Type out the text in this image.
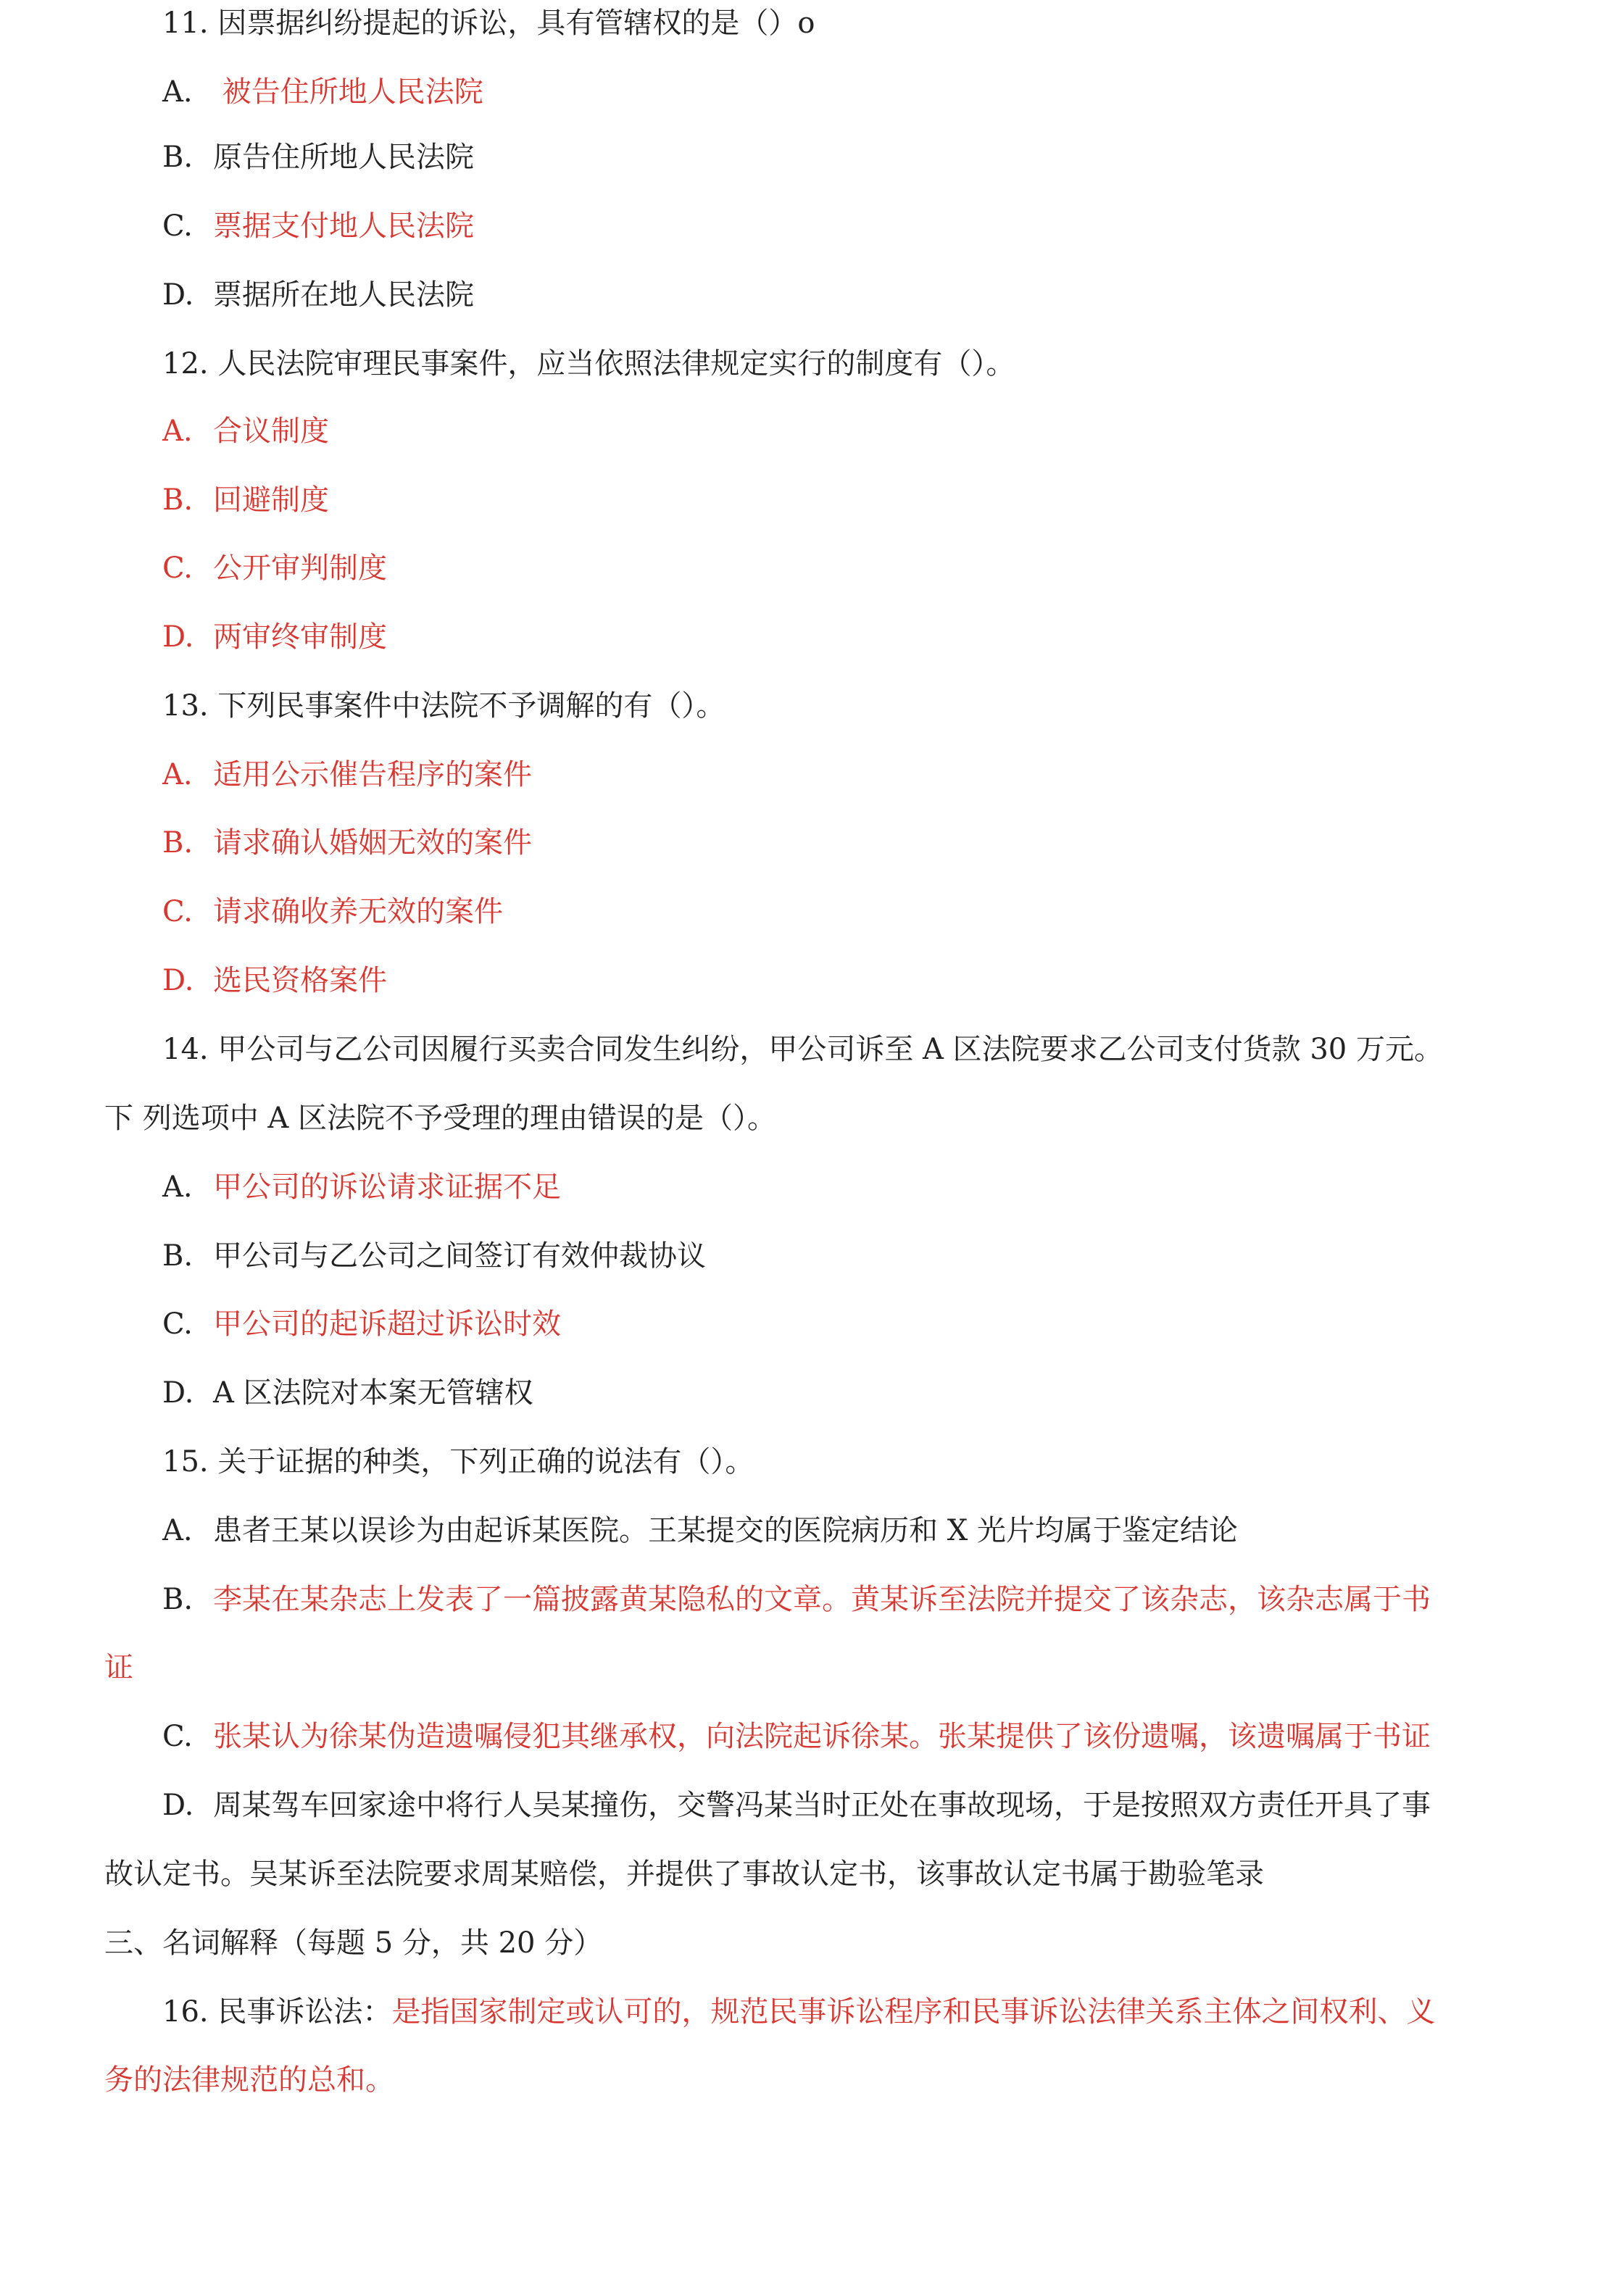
11. 因票据纠纷提起的诉讼，具有管辖权的是（）o
A. 被告住所地人民法院
B. 原告住所地人民法院
C. 票据支付地人民法院
D. 票据所在地人民法院
12. 人民法院审理民事案件，应当依照法律规定实行的制度有（）。
A. 合议制度
B. 回避制度
C. 公开审判制度
D. 两审终审制度
13. 下列民事案件中法院不予调解的有（）。
A. 适用公示催告程序的案件
B. 请求确认婚姻无效的案件
C. 请求确收养无效的案件
D. 选民资格案件
14. 甲公司与乙公司因履行买卖合同发生纠纷，甲公司诉至 A 区法院要求乙公司支付货款 30 万元。
下 列选项中 A 区法院不予受理的理由错误的是（）。
A. 甲公司的诉讼请求证据不足
B. 甲公司与乙公司之间签订有效仲裁协议
C. 甲公司的起诉超过诉讼时效
D. A 区法院对本案无管辖权
15. 关于证据的种类，下列正确的说法有（）。
A. 患者王某以误诊为由起诉某医院。王某提交的医院病历和 X 光片均属于鉴定结论
B. 李某在某杂志上发表了一篇披露黄某隐私的文章。黄某诉至法院并提交了该杂志，该杂志属于书
证
C. 张某认为徐某伪造遗嘱侵犯其继承权，向法院起诉徐某。张某提供了该份遗嘱，该遗嘱属于书证
D. 周某驾车回家途中将行人吴某撞伤，交警冯某当时正处在事故现场，于是按照双方责任开具了事
故认定书。吴某诉至法院要求周某赔偿，并提供了事故认定书，该事故认定书属于勘验笔录
三、名词解释（每题 5 分，共 20 分）
16. 民事诉讼法：是指国家制定或认可的，规范民事诉讼程序和民事诉讼法律关系主体之间权利、义
务的法律规范的总和。
